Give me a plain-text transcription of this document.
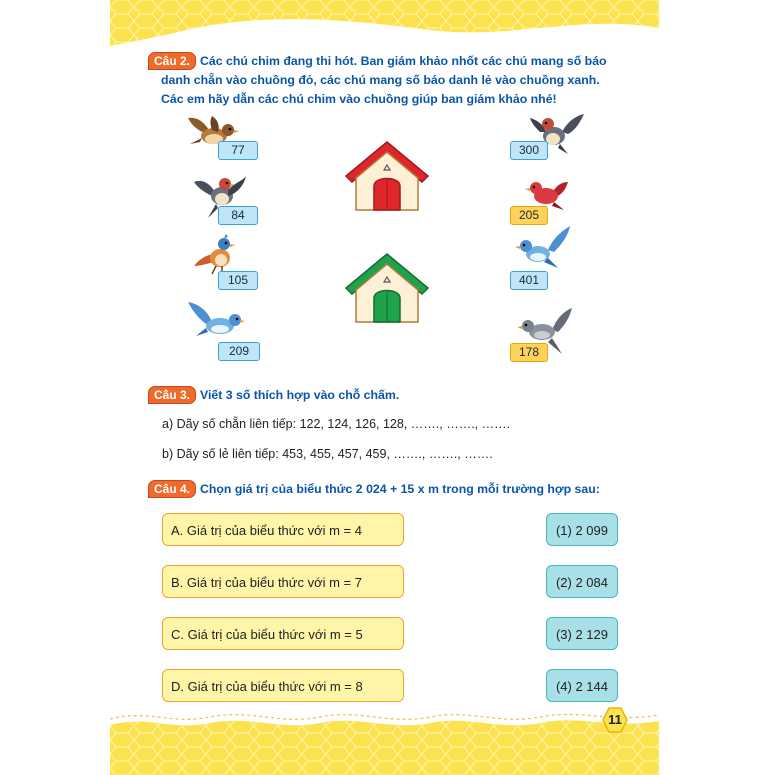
Câu 2. Các chú chim đang thi hót. Ban giám khảo nhốt các chú mang số báo
danh chẵn vào chuồng đỏ, các chú mang số báo danh lẻ vào chuồng xanh.
Các em hãy dẫn các chú chim vào chuồng giúp ban giám khảo nhé!
77
84
105
209
300
205
401
178
Câu 3. Viết 3 số thích hợp vào chỗ chấm.
a) Dãy số chẵn liên tiếp: 122, 124, 126, 128, ……., ……., …….
b) Dãy số lẻ liên tiếp: 453, 455, 457, 459, ……., ……., …….
Câu 4. Chọn giá trị của biểu thức 2 024 + 15 x m trong mỗi trường hợp sau:
A. Giá trị của biểu thức với m = 4
B. Giá trị của biểu thức với m = 7
C. Giá trị của biểu thức với m = 5
D. Giá trị của biểu thức với m = 8
(1) 2 099
(2) 2 084
(3) 2 129
(4) 2 144
11
